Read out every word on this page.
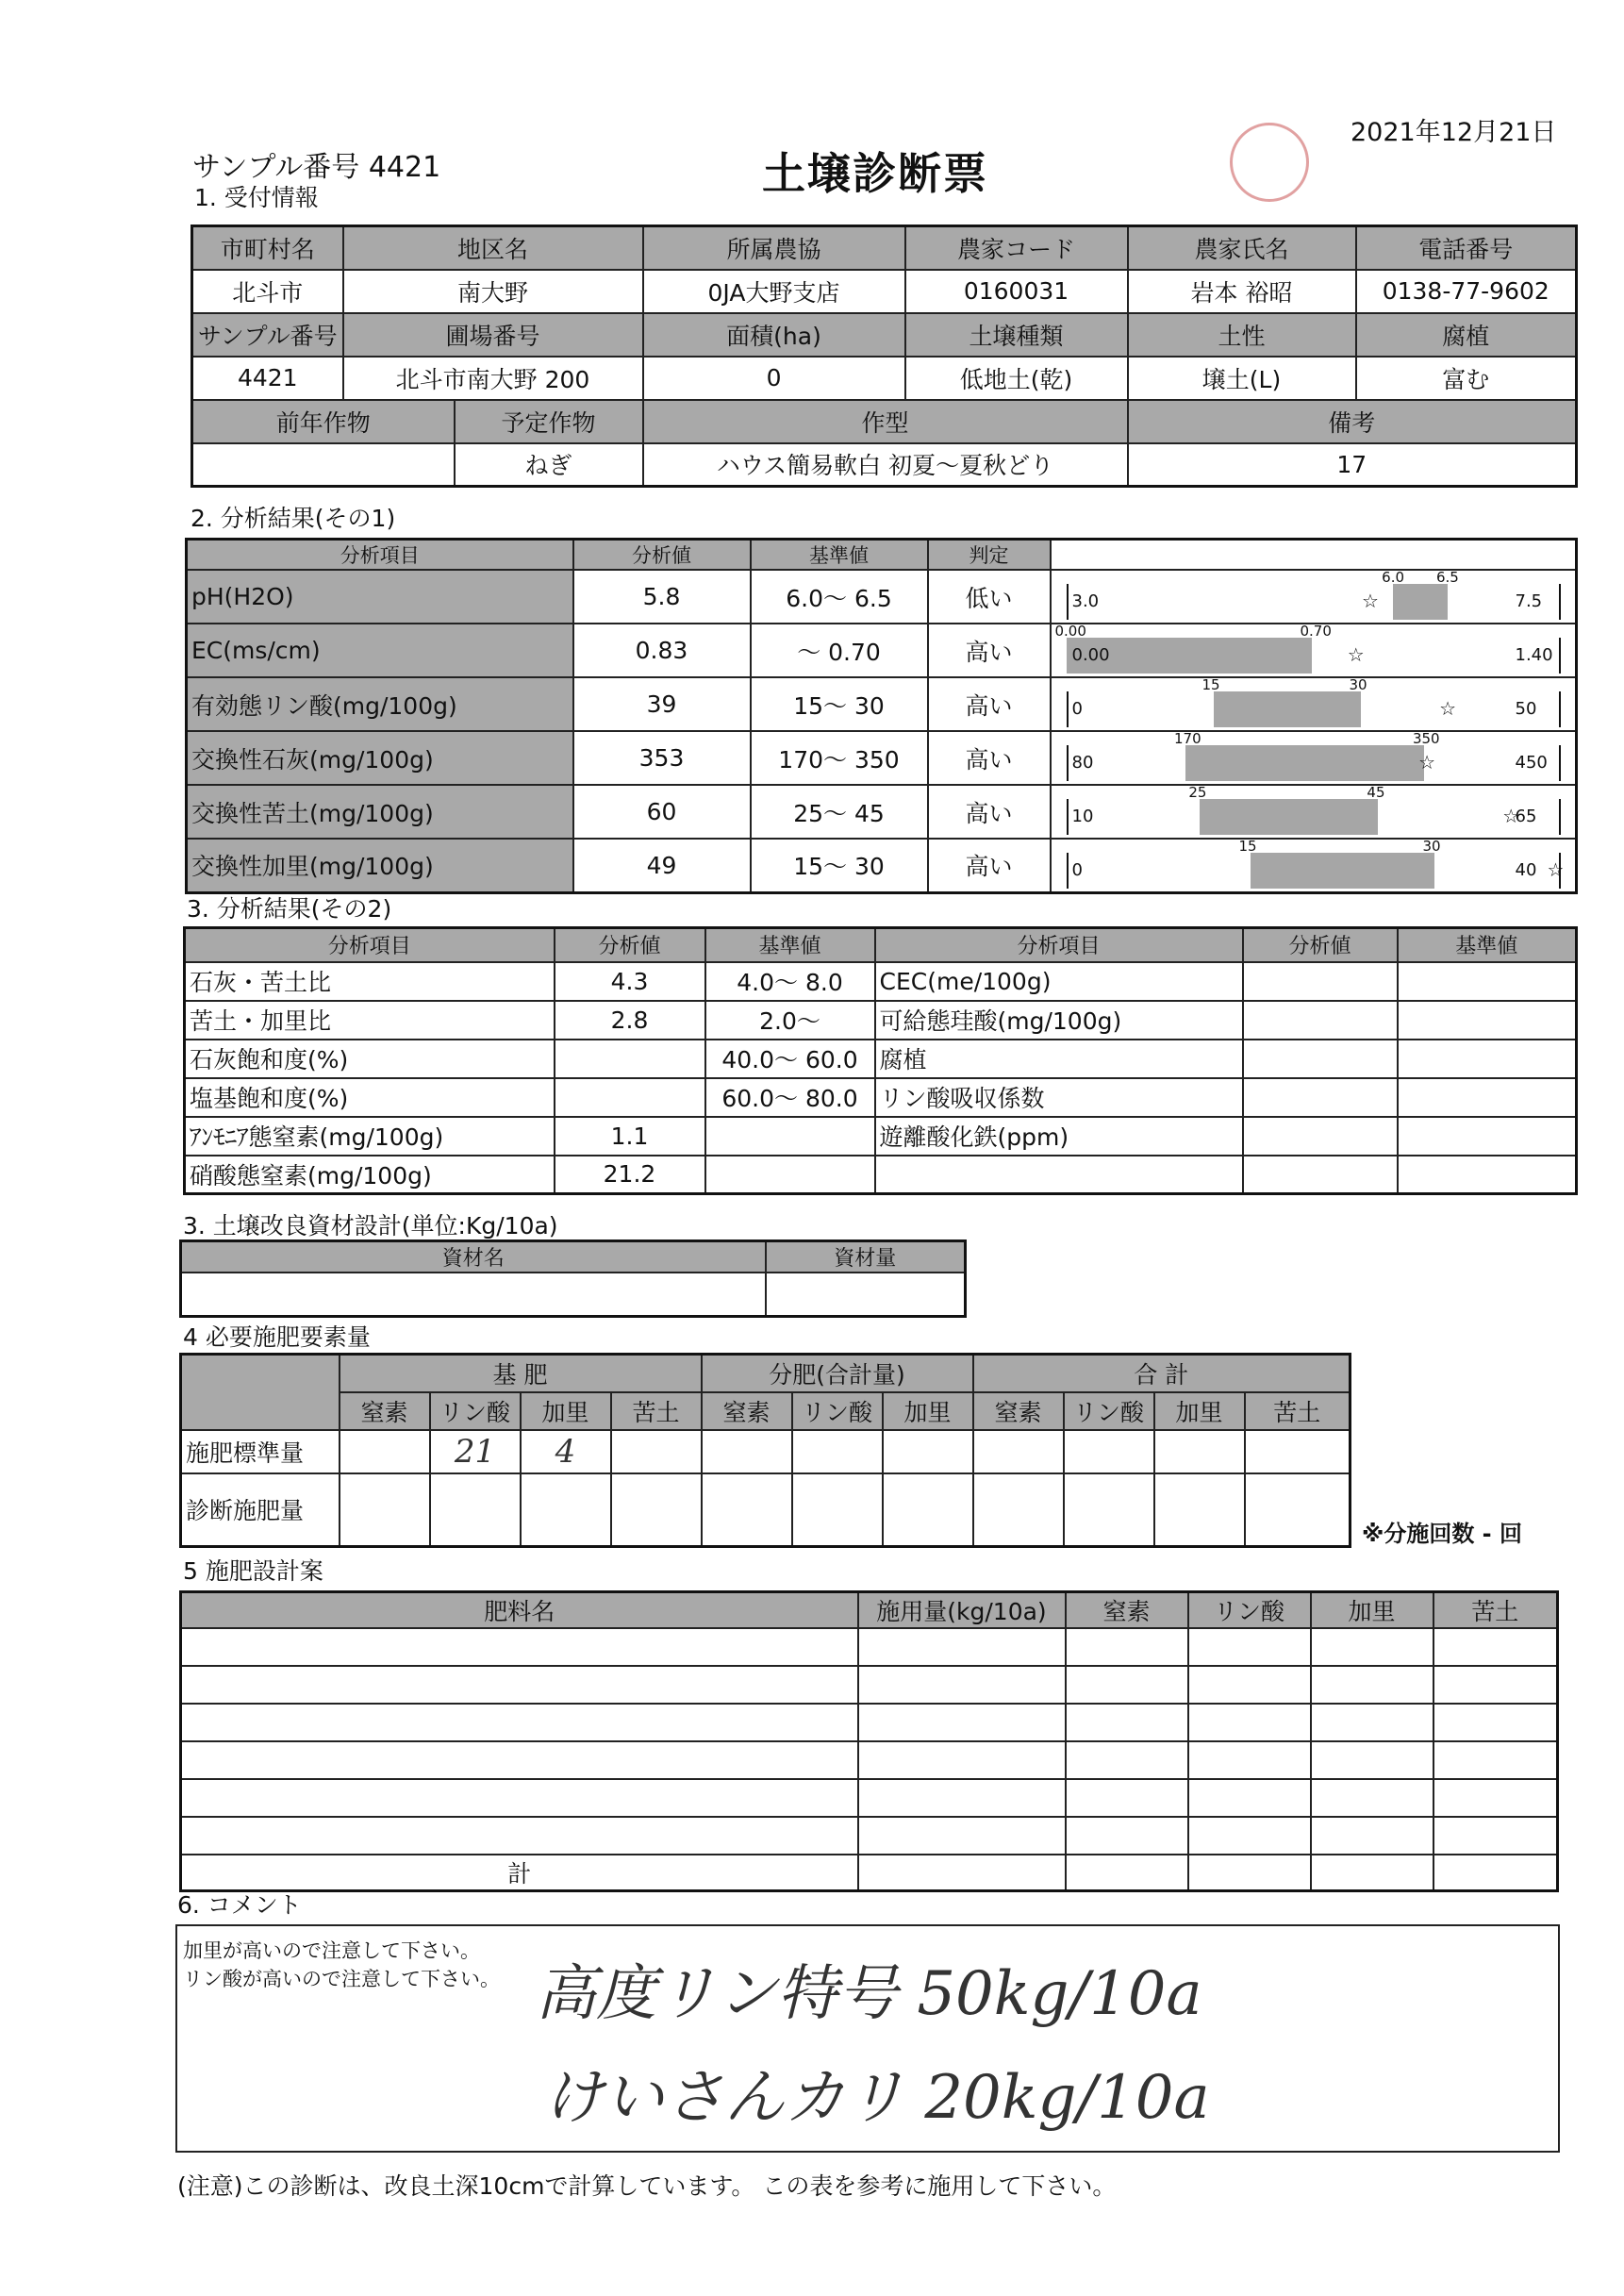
2021年12月21日
サンプル番号 4421	土壌診断票
1. 受付情報
市町村名	地区名		所属農協	農家コード	農家氏名	電話番号
北斗市	南大野		0JA大野支店	0160031	岩本 裕昭	0138-77-9602
サンプル番号	圃場番号		面積(ha)	土壌種類	土性	腐植
4421	北斗市南大野 200		0	低地土(乾)	壌土(L)	富む
前年作物		予定作物	作型		備考	
		ねぎ	ハウス簡易軟白 初夏～夏秋どり		17	
2. 分析結果(その1)
分析項目	分析値	基準値	判定	
pH(H2O)	5.8	6.0～ 6.5	低い	3.0 7.5
6.0 6.5
☆

EC(ms/cm)	0.83	～ 0.70	高い	0.00 1.40
0.00 0.70
☆

有効態リン酸(mg/100g)	39	15～ 30	高い	0 50
15 30
☆

交換性石灰(mg/100g)	353	170～ 350	高い	80 450
170 350
☆

交換性苦土(mg/100g)	60	25～ 45	高い	10 65
25 45
☆

交換性加里(mg/100g)	49	15～ 30	高い	0 40
15 30
☆
3. 分析結果(その2)
分析項目	分析値	基準値	分析項目	分析値	基準値
石灰・苦土比	4.3	4.0～ 8.0	CEC(me/100g)		
苦土・加里比	2.8	2.0～	可給態珪酸(mg/100g)		
石灰飽和度(%)		40.0～ 60.0	腐植		
塩基飽和度(%)		60.0～ 80.0	リン酸吸収係数		
ｱﾝﾓﾆｱ態窒素(mg/100g)	1.1		遊離酸化鉄(ppm)		
硝酸態窒素(mg/100g)	21.2				
3. 土壌改良資材設計(単位:Kg/10a)
資材名	資材量

4 必要施肥要素量
	基 肥				分肥(合計量)			合 計			
	窒素	リン酸	加里	苦土	窒素	リン酸	加里	窒素	リン酸	加里	苦土
施肥標準量		21	4								
診断施肥量											
※分施回数 - 回
5 施肥設計案
肥料名	施用量(kg/10a)	窒素	リン酸	加里	苦土

計					
6. コメント
加里が高いので注意して下さい。
リン酸が高いので注意して下さい。 高度リン特号 50kg/10a
けいさんカリ 20kg/10a
(注意)この診断は、改良土深10cmで計算しています。 この表を参考に施用して下さい。
